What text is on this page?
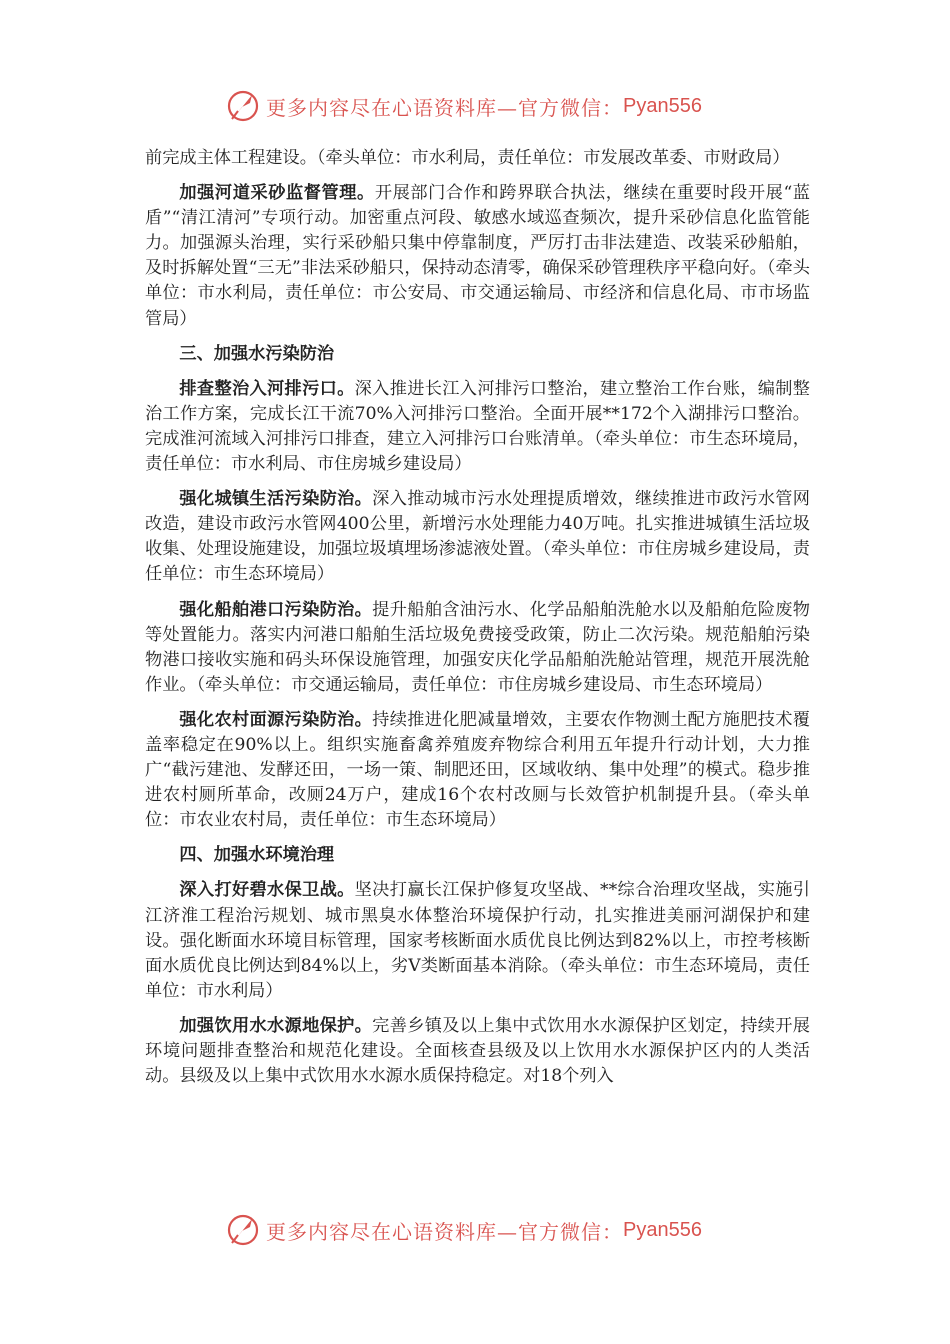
更多内容尽在心语资料库—官方微信： Pyan556

前完成主体工程建设。（牵头单位：市水利局，责任单位：市发展改革委、市财政局）

加强河道采砂监督管理。开展部门合作和跨界联合执法，继续在重要时段开展“蓝盾”“清江清河”专项行动。加密重点河段、敏感水域巡查频次，提升采砂信息化监管能力。加强源头治理，实行采砂船只集中停靠制度，严厉打击非法建造、改装采砂船舶，及时拆解处置“三无”非法采砂船只，保持动态清零，确保采砂管理秩序平稳向好。（牵头单位：市水利局，责任单位：市公安局、市交通运输局、市经济和信息化局、市市场监管局）

三、加强水污染防治

排查整治入河排污口。深入推进长江入河排污口整治，建立整治工作台账，编制整治工作方案，完成长江干流70%入河排污口整治。全面开展**172个入湖排污口整治。完成淮河流域入河排污口排查，建立入河排污口台账清单。（牵头单位：市生态环境局，责任单位：市水利局、市住房城乡建设局）

强化城镇生活污染防治。深入推动城市污水处理提质增效，继续推进市政污水管网改造，建设市政污水管网400公里，新增污水处理能力40万吨。扎实推进城镇生活垃圾收集、处理设施建设，加强垃圾填埋场渗滤液处置。（牵头单位：市住房城乡建设局，责任单位：市生态环境局）

强化船舶港口污染防治。提升船舶含油污水、化学品船舶洗舱水以及船舶危险废物等处置能力。落实内河港口船舶生活垃圾免费接受政策，防止二次污染。规范船舶污染物港口接收实施和码头环保设施管理，加强安庆化学品船舶洗舱站管理，规范开展洗舱作业。（牵头单位：市交通运输局，责任单位：市住房城乡建设局、市生态环境局）

强化农村面源污染防治。持续推进化肥减量增效，主要农作物测土配方施肥技术覆盖率稳定在90%以上。组织实施畜禽养殖废弃物综合利用五年提升行动计划，大力推广“截污建池、发酵还田，一场一策、制肥还田，区域收纳、集中处理”的模式。稳步推进农村厕所革命，改厕24万户，建成16个农村改厕与长效管护机制提升县。（牵头单位：市农业农村局，责任单位：市生态环境局）

四、加强水环境治理

深入打好碧水保卫战。坚决打赢长江保护修复攻坚战、**综合治理攻坚战，实施引江济淮工程治污规划、城市黑臭水体整治环境保护行动，扎实推进美丽河湖保护和建设。强化断面水环境目标管理，国家考核断面水质优良比例达到82%以上，市控考核断面水质优良比例达到84%以上，劣Ⅴ类断面基本消除。（牵头单位：市生态环境局，责任单位：市水利局）

加强饮用水水源地保护。完善乡镇及以上集中式饮用水水源保护区划定，持续开展环境问题排查整治和规范化建设。全面核查县级及以上饮用水水源保护区内的人类活动。县级及以上集中式饮用水水源水质保持稳定。对18个列入

更多内容尽在心语资料库—官方微信： Pyan556
